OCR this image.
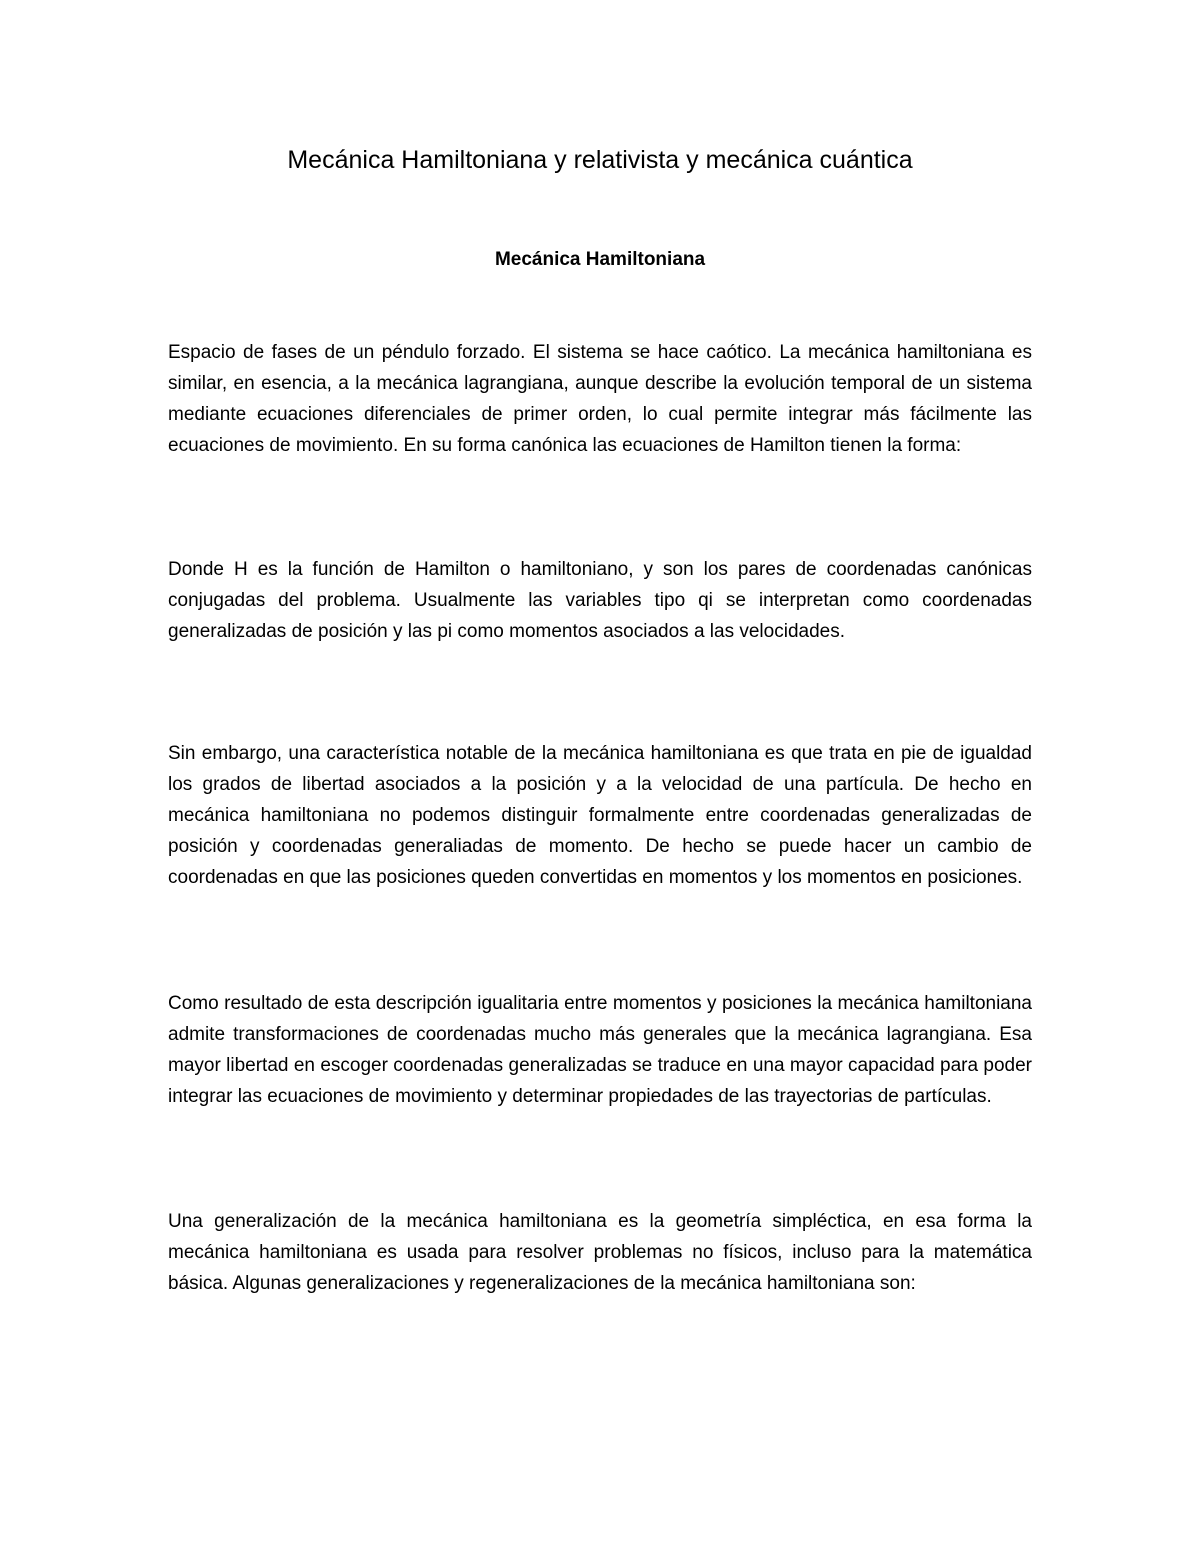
Mecánica Hamiltoniana y relativista y mecánica cuántica
Mecánica Hamiltoniana

Espacio de fases de un péndulo forzado. El sistema se hace caótico. La mecánica hamiltoniana es similar, en esencia, a la mecánica lagrangiana, aunque describe la evolución temporal de un sistema mediante ecuaciones diferenciales de primer orden, lo cual permite integrar más fácilmente las ecuaciones de movimiento. En su forma canónica las ecuaciones de Hamilton tienen la forma:

Donde H es la función de Hamilton o hamiltoniano, y son los pares de coordenadas canónicas conjugadas del problema. Usualmente las variables tipo qi se interpretan como coordenadas generalizadas de posición y las pi como momentos asociados a las velocidades.

Sin embargo, una característica notable de la mecánica hamiltoniana es que trata en pie de igualdad los grados de libertad asociados a la posición y a la velocidad de una partícula. De hecho en mecánica hamiltoniana no podemos distinguir formalmente entre coordenadas generalizadas de posición y coordenadas generaliadas de momento. De hecho se puede hacer un cambio de coordenadas en que las posiciones queden convertidas en momentos y los momentos en posiciones.

Como resultado de esta descripción igualitaria entre momentos y posiciones la mecánica hamiltoniana admite transformaciones de coordenadas mucho más generales que la mecánica lagrangiana. Esa mayor libertad en escoger coordenadas generalizadas se traduce en una mayor capacidad para poder integrar las ecuaciones de movimiento y determinar propiedades de las trayectorias de partículas.

Una generalización de la mecánica hamiltoniana es la geometría simpléctica, en esa forma la mecánica hamiltoniana es usada para resolver problemas no físicos, incluso para la matemática básica. Algunas generalizaciones y regeneralizaciones de la mecánica hamiltoniana son:
